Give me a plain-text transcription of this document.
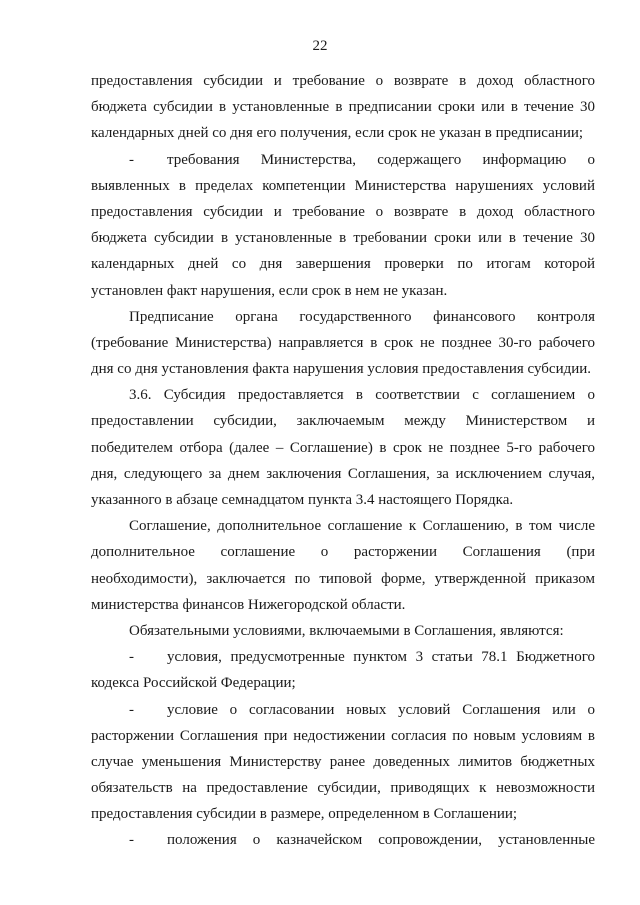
22
предоставления субсидии и требование о возврате в доход областного
бюджета субсидии в установленные в предписании сроки или в течение 30
календарных дней со дня его получения, если срок не указан в предписании;
-	требования Министерства, содержащего информацию о
выявленных в пределах компетенции Министерства нарушениях условий
предоставления субсидии и требование о возврате в доход областного
бюджета субсидии в установленные в требовании сроки или в течение 30
календарных дней со дня завершения проверки по итогам которой
установлен факт нарушения, если срок в нем не указан.
Предписание органа государственного финансового контроля
(требование Министерства) направляется в срок не позднее 30-го рабочего
дня со дня установления факта нарушения условия предоставления субсидии.
3.6. Субсидия предоставляется в соответствии с соглашением о
предоставлении субсидии, заключаемым между Министерством и
победителем отбора (далее – Соглашение) в срок не позднее 5-го рабочего
дня, следующего за днем заключения Соглашения, за исключением случая,
указанного в абзаце семнадцатом пункта 3.4 настоящего Порядка.
Соглашение, дополнительное соглашение к Соглашению, в том числе
дополнительное соглашение о расторжении Соглашения (при
необходимости), заключается по типовой форме, утвержденной приказом
министерства финансов Нижегородской области.
Обязательными условиями, включаемыми в Соглашения, являются:
-	условия, предусмотренные пунктом 3 статьи 78.1 Бюджетного
кодекса Российской Федерации;
-	условие о согласовании новых условий Соглашения или о
расторжении Соглашения при недостижении согласия по новым условиям в
случае уменьшения Министерству ранее доведенных лимитов бюджетных
обязательств на предоставление субсидии, приводящих к невозможности
предоставления субсидии в размере, определенном в Соглашении;
-	положения о казначейском сопровождении, установленные
